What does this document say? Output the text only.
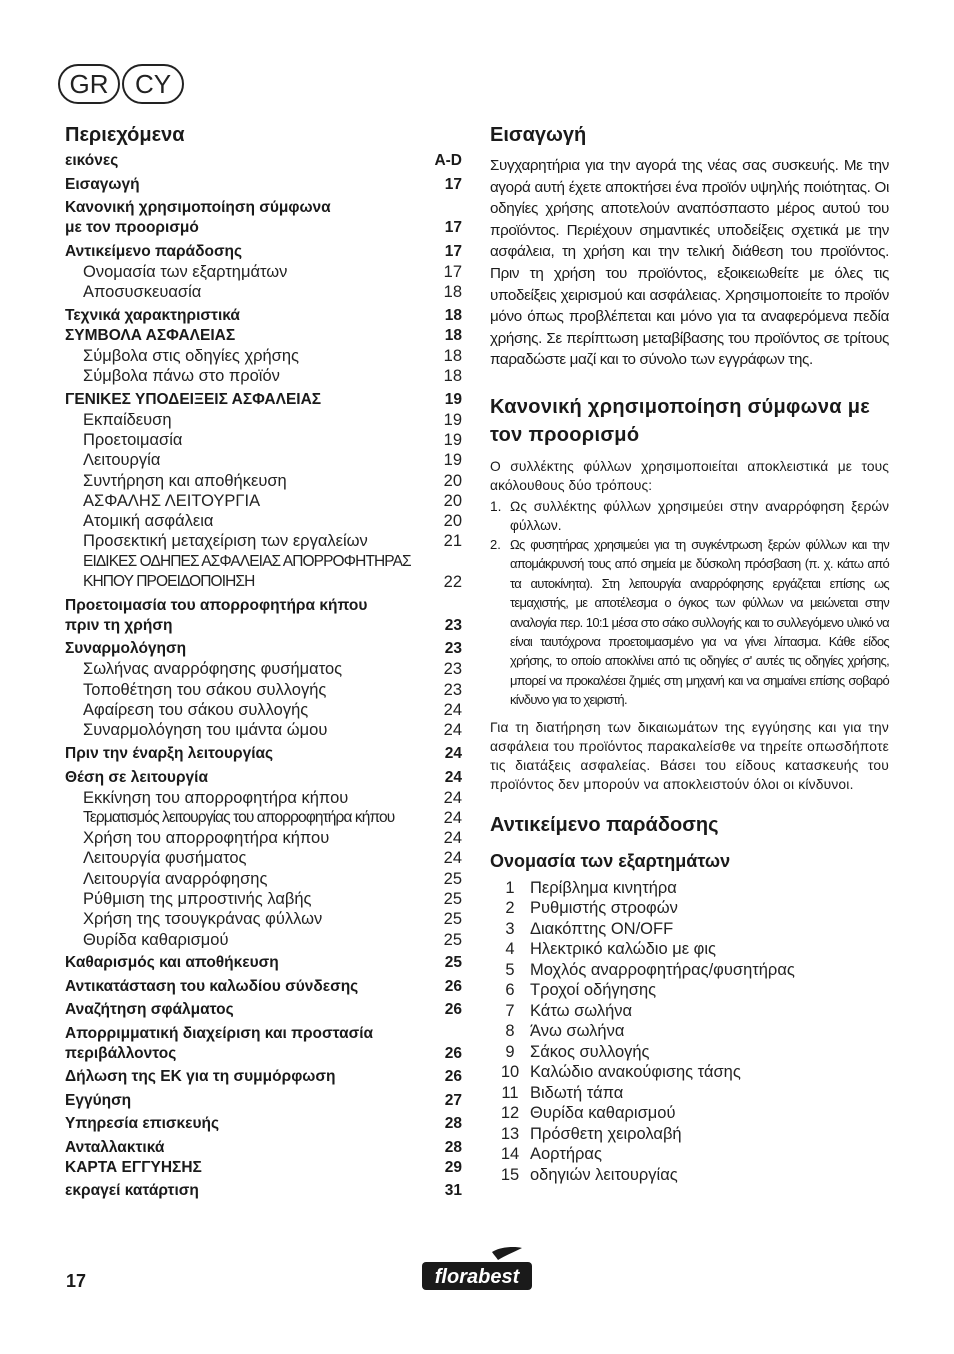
GR	CY
Περιεχόμενα
εικόνες	A-D
Εισαγωγή	17
Κανονική χρησιμοποίηση σύμφωνα
με τον προορισμό	17
Αντικείμενο παράδοσης	17
Ονομασία των εξαρτημάτων	17
Αποσυσκευασία	18
Τεχνικά χαρακτηριστικά	18
ΣΥΜΒΟΛΑ ΑΣΦΑΛΕΙΑΣ	18
Σύμβολα στις οδηγίες χρήσης	18
Σύμβολα πάνω στο προϊόν	18
ΓΕΝΙΚΕΣ ΥΠΟΔΕΙΞΕΙΣ ΑΣΦΑΛΕΙΑΣ	19
Εκπαίδευση	19
Προετοιμασία	19
Λειτουργία	19
Συντήρηση και αποθήκευση	20
ΑΣΦΑΛΗΣ ΛΕΙΤΟΥΡΓΙΑ	20
Ατομική ασφάλεια	20
Προσεκτική μεταχείριση των εργαλείων	21
ΕΙΔΙΚΕΣ ΟΔΗΠΕΣ ΑΣΦΑΛΕΙΑΣ ΑΠΟΡΡΟΦΗΤΗΡΑΣ
ΚΗΠΟΥ ΠΡΟΕΙΔΟΠΟΙΗΣΗ	22
Προετοιμασία του απορροφητήρα κήπου
πριν τη χρήση	23
Συναρμολόγηση	23
Σωλήνας αναρρόφησης φυσήματος	23
Τοποθέτηση του σάκου συλλογής	23
Αφαίρεση του σάκου συλλογής	24
Συναρμολόγηση του ιμάντα ώμου	24
Πριν την έναρξη λειτουργίας	24
Θέση σε λειτουργία	24
Εκκίνηση του απορροφητήρα κήπου	24
Τερματισμός λειτουργίας του απορροφητήρα κήπου	24
Χρήση του απορροφητήρα κήπου	24
Λειτουργία φυσήματος	24
Λειτουργία αναρρόφησης	25
Ρύθμιση της μπροστινής λαβής	25
Χρήση της τσουγκράνας φύλλων	25
Θυρίδα καθαρισμού	25
Καθαρισμός και αποθήκευση	25
Αντικατάσταση του καλωδίου σύνδεσης	26
Αναζήτηση σφάλματος	26
Απορριμματική διαχείριση και προστασία
περιβάλλοντος	26
Δήλωση της ΕΚ για τη συμμόρφωση	26
Εγγύηση	27
Υπηρεσία επισκευής	28
Ανταλλακτικά	28
ΚΑΡΤΑ ΕΓΓΥΗΣΗΣ	29
εκραγεί κατάρτιση	31
Εισαγωγή

Συγχαρητήρια για την αγορά της νέας σας συσκευής. Με την αγορά αυτή έχετε αποκτήσει ένα προϊόν υψηλής ποιότητας. Οι οδηγίες χρήσης αποτελούν αναπόσπαστο μέρος αυτού του προϊόντος. Περιέχουν σημαντικές υποδείξεις σχετικά με την ασφάλεια, τη χρήση και την τελική διάθεση του προϊόντος. Πριν τη χρήση του προϊόντος, εξοικειωθείτε με όλες τις υποδείξεις χειρισμού και ασφάλειας. Χρησιμοποιείτε το προϊόν μόνο όπως προβλέπεται και μόνο για τα αναφερόμενα πεδία χρήσης. Σε περίπτωση μεταβίβασης του προϊόντος σε τρίτους παραδώστε μαζί και το σύνολο των εγγράφων της.

Κανονική χρησιμοποίηση σύμφωνα με τον προορισμό

Ο συλλέκτης φύλλων χρησιμοποιείται αποκλειστικά με τους ακόλουθους δύο τρόπους:

1. Ως συλλέκτης φύλλων χρησιμεύει στην αναρρόφηση ξερών φύλλων.
2. Ως φυσητήρας χρησιμεύει για τη συγκέντρωση ξερών φύλλων και την απομάκρυνσή τους από σημεία με δύσκολη πρόσβαση (π. χ. κάτω από τα αυτοκίνητα). Στη λειτουργία αναρρόφησης εργάζεται επίσης ως τεμαχιστής, με αποτέλεσμα ο όγκος των φύλλων να μειώνεται στην αναλογία περ. 10:1 μέσα στο σάκο συλλογής και το συλλεγόμενο υλικό να είναι ταυτόχρονα προετοιμασμένο για να γίνει λίπασμα. Κάθε είδος χρήσης, το οποίο αποκλίνει από τις οδηγίες σ' αυτές τις οδηγίες χρήσης, μπορεί να προκαλέσει ζημιές στη μηχανή και να σημαίνει επίσης σοβαρό κίνδυνο για το χειριστή.

Για τη διατήρηση των δικαιωμάτων της εγγύησης και για την ασφάλεια του προϊόντος παρακαλείσθε να τηρείτε οπωσδήποτε τις διατάξεις ασφαλείας. Βάσει του είδους κατασκευής του προϊόντος δεν μπορούν να αποκλειστούν όλοι οι κίνδυνοι.

Αντικείμενο παράδοσης
Ονομασία των εξαρτημάτων
1 Περίβλημα κινητήρα
2 Ρυθμιστής στροφών
3 Διακόπτης ON/OFF
4 Ηλεκτρικό καλώδιο με φις
5 Μοχλός αναρροφητήρας/φυσητήρας
6 Τροχοί οδήγησης
7 Κάτω σωλήνα
8 Άνω σωλήνα
9 Σάκος συλλογής
10 Καλώδιο ανακούφισης τάσης
11 Βιδωτή τάπα
12 Θυρίδα καθαρισμού
13 Πρόσθετη χειρολαβή
14 Αορτήρας
15 οδηγιών λειτουργίας
17	florabest
